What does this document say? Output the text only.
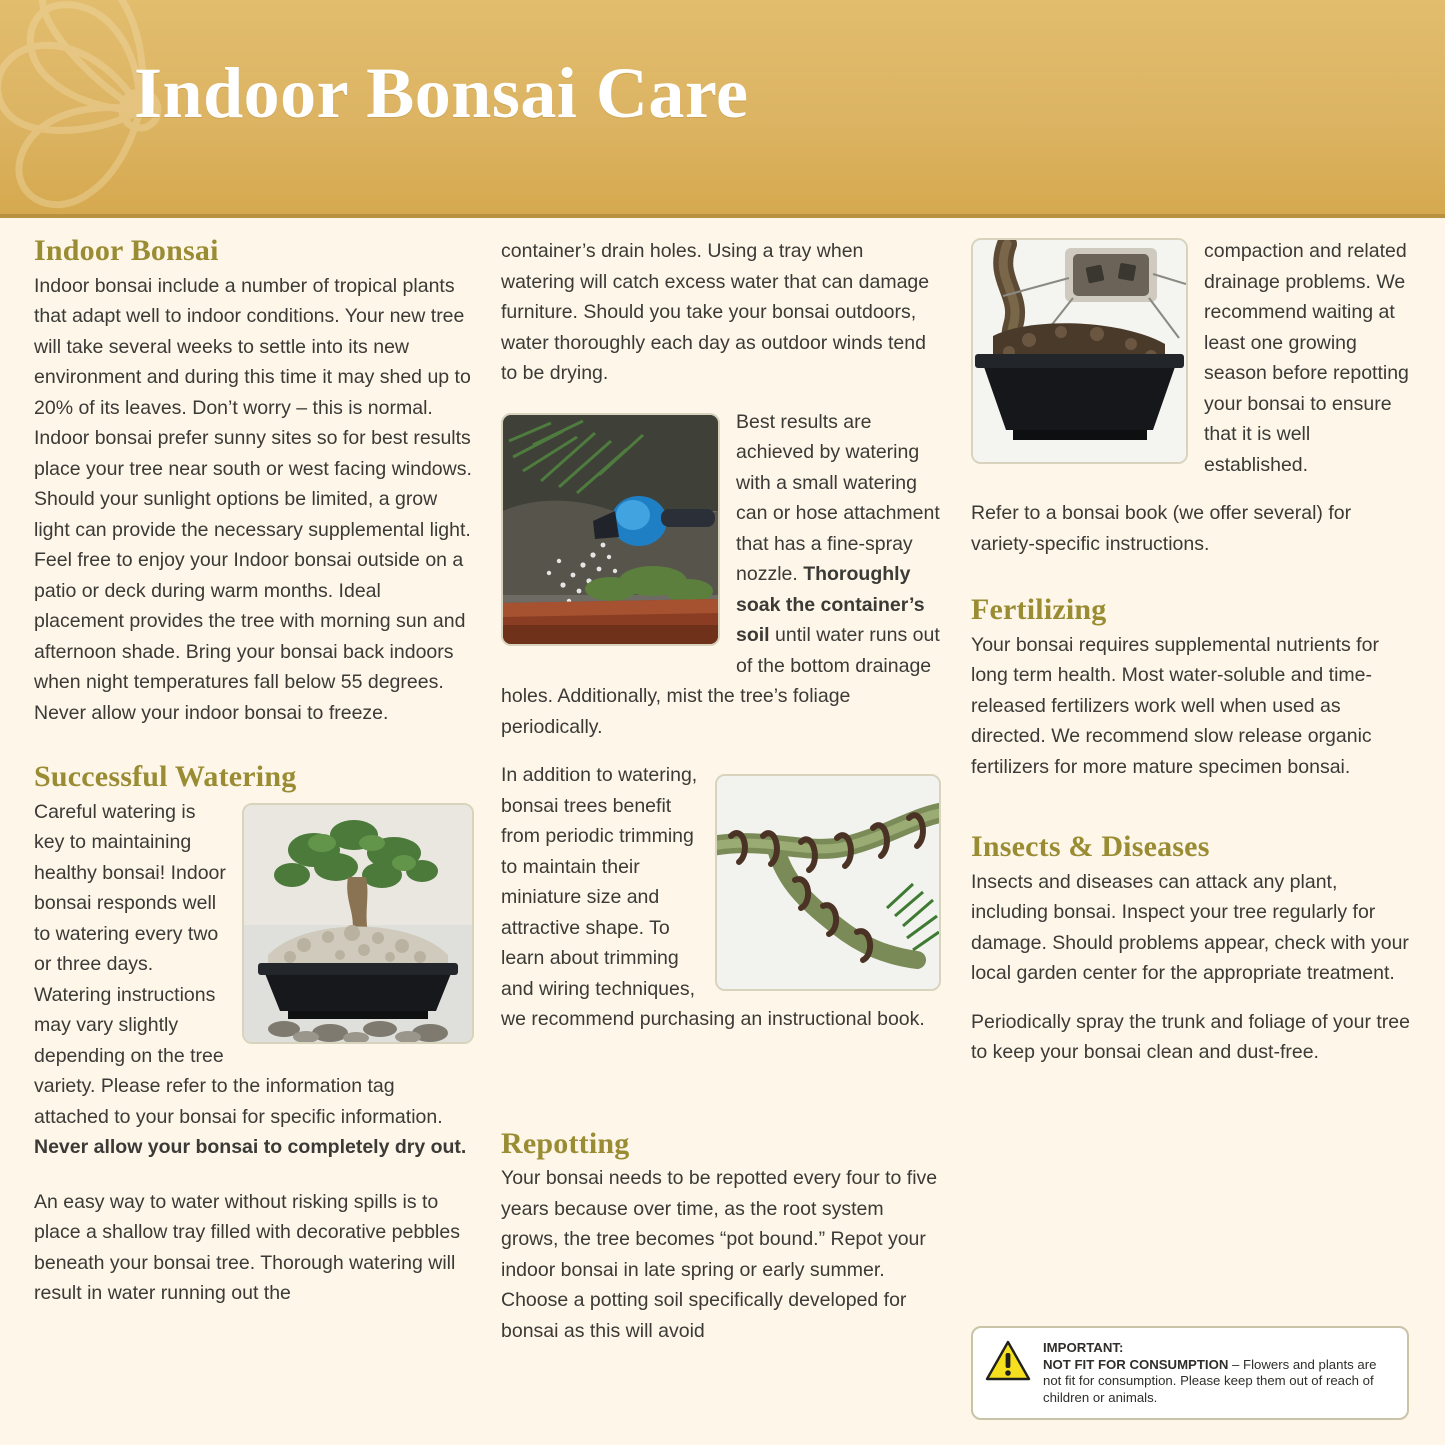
Indoor Bonsai Care
Indoor Bonsai

Indoor bonsai include a number of tropical plants that adapt well to indoor conditions. Your new tree will take several weeks to settle into its new environment and during this time it may shed up to 20% of its leaves. Don’t worry – this is normal. Indoor bonsai prefer sunny sites so for best results place your tree near south or west facing windows. Should your sunlight options be limited, a grow light can provide the necessary supplemental light. Feel free to enjoy your Indoor bonsai outside on a patio or deck during warm months. Ideal placement provides the tree with morning sun and afternoon shade. Bring your bonsai back indoors when night temperatures fall below 55 degrees. Never allow your indoor bonsai to freeze.

Successful Watering

Careful watering is key to maintaining healthy bonsai! Indoor bonsai responds well to watering every two or three days. Watering instructions may vary slightly depending on the tree variety. Please refer to the information tag attached to your bonsai for specific information. Never allow your bonsai to completely dry out.

An easy way to water without risking spills is to place a shallow tray filled with decorative pebbles beneath your bonsai tree. Thorough watering will result in water running out the

container’s drain holes. Using a tray when watering will catch excess water that can damage furniture. Should you take your bonsai outdoors, water thoroughly each day as outdoor winds tend to be drying.

Best results are achieved by watering with a small watering can or hose attachment that has a fine-spray nozzle. Thoroughly soak the container’s soil until water runs out of the bottom drainage holes. Additionally, mist the tree’s foliage periodically.

In addition to watering, bonsai trees benefit from periodic trimming to maintain their miniature size and attractive shape. To learn about trimming and wiring techniques, we recommend purchasing an instructional book.

Repotting

Your bonsai needs to be repotted every four to five years because over time, as the root system grows, the tree becomes “pot bound.” Repot your indoor bonsai in late spring or early summer. Choose a potting soil specifically developed for bonsai as this will avoid

compaction and related drainage problems. We recommend waiting at least one growing season before repotting your bonsai to ensure that it is well established.

Refer to a bonsai book (we offer several) for variety-specific instructions.

Fertilizing

Your bonsai requires supplemental nutrients for long term health. Most water-soluble and time-released fertilizers work well when used as directed. We recommend slow release organic fertilizers for more mature specimen bonsai.

Insects & Diseases

Insects and diseases can attack any plant, including bonsai. Inspect your tree regularly for damage. Should problems appear, check with your local garden center for the appropriate treatment.

Periodically spray the trunk and foliage of your tree to keep your bonsai clean and dust-free.

IMPORTANT:
NOT FIT FOR CONSUMPTION – Flowers and plants are not fit for consumption. Please keep them out of reach of children or animals.
